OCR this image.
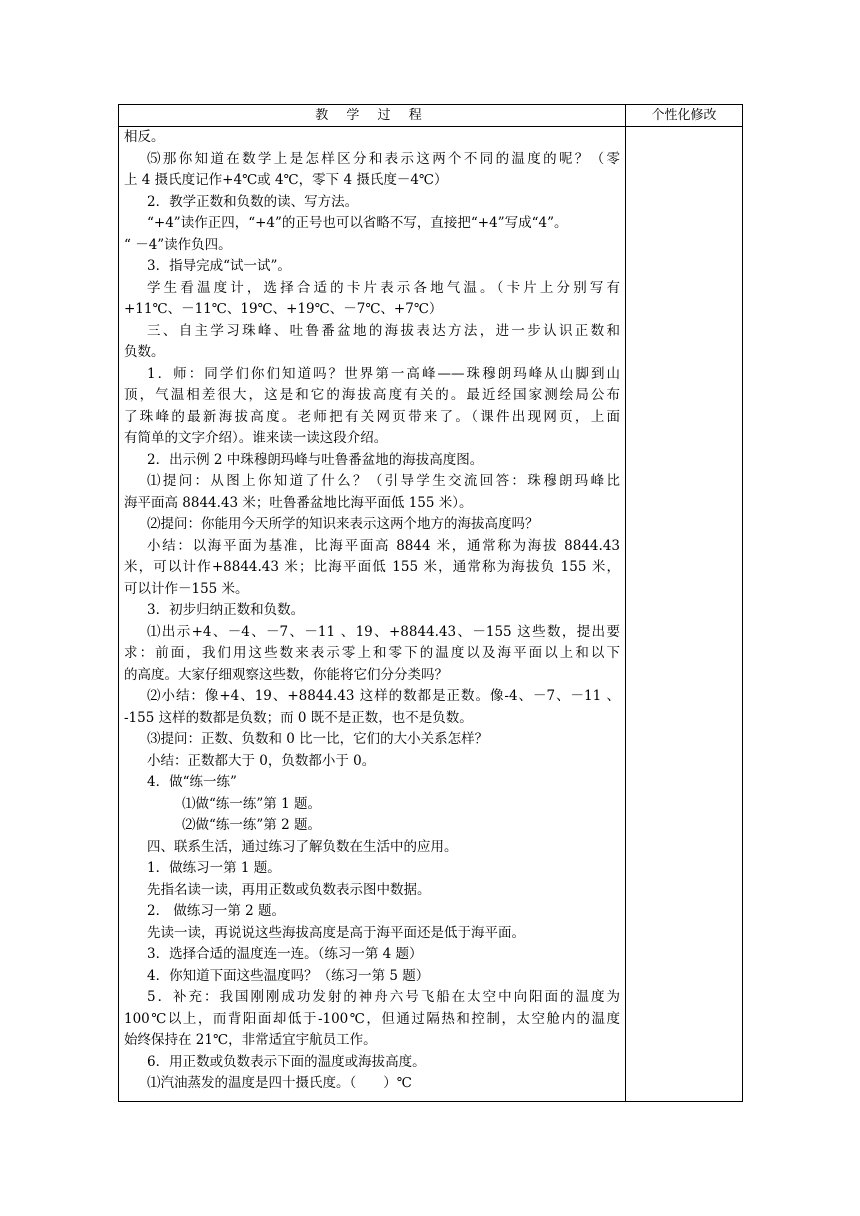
教 学 过 程	个性化修改
相反。
⑸那你知道在数学上是怎样区分和表示这两个不同的温度的呢？（零
上 4 摄氏度记作+4℃或 4℃，零下 4 摄氏度－4℃）
2．教学正数和负数的读、写方法。
“+4”读作正四，“+4”的正号也可以省略不写，直接把“+4”写成“4”。
“ －4”读作负四。
3．指导完成“试一试”。
学生看温度计，选择合适的卡片表示各地气温。（卡片上分别写有
+11℃、－11℃、19℃、+19℃、－7℃、+7℃）
三、自主学习珠峰、吐鲁番盆地的海拔表达方法，进一步认识正数和
负数。
1．师：同学们你们知道吗？世界第一高峰——珠穆朗玛峰从山脚到山
顶，气温相差很大，这是和它的海拔高度有关的。最近经国家测绘局公布
了珠峰的最新海拔高度。老师把有关网页带来了。（课件出现网页，上面
有简单的文字介绍）。谁来读一读这段介绍。
2．出示例 2 中珠穆朗玛峰与吐鲁番盆地的海拔高度图。
⑴提问：从图上你知道了什么？（引导学生交流回答：珠穆朗玛峰比
海平面高 8844.43 米；吐鲁番盆地比海平面低 155 米）。
⑵提问：你能用今天所学的知识来表示这两个地方的海拔高度吗？
小结：以海平面为基准，比海平面高 8844 米，通常称为海拔 8844.43
米，可以计作+8844.43 米；比海平面低 155 米，通常称为海拔负 155 米，
可以计作－155 米。
3．初步归纳正数和负数。
⑴出示+4、－4、－7、－11 、19、+8844.43、－155 这些数，提出要
求：前面，我们用这些数来表示零上和零下的温度以及海平面以上和以下
的高度。大家仔细观察这些数，你能将它们分分类吗？
⑵小结：像+4、19、+8844.43 这样的数都是正数。像-4、－7、－11 、
-155 这样的数都是负数；而 0 既不是正数，也不是负数。
⑶提问：正数、负数和 0 比一比，它们的大小关系怎样？
小结：正数都大于 0，负数都小于 0。
4．做“练一练”
⑴做“练一练”第 1 题。
⑵做“练一练”第 2 题。
四、联系生活，通过练习了解负数在生活中的应用。
1．做练习一第 1 题。
先指名读一读，再用正数或负数表示图中数据。
2． 做练习一第 2 题。
先读一读，再说说这些海拔高度是高于海平面还是低于海平面。
3．选择合适的温度连一连。（练习一第 4 题）
4．你知道下面这些温度吗？（练习一第 5 题）
5．补充：我国刚刚成功发射的神舟六号飞船在太空中向阳面的温度为
100℃以上，而背阳面却低于-100℃，但通过隔热和控制，太空舱内的温度
始终保持在 21℃，非常适宜宇航员工作。
6．用正数或负数表示下面的温度或海拔高度。
⑴汽油蒸发的温度是四十摄氏度。（　　）℃
